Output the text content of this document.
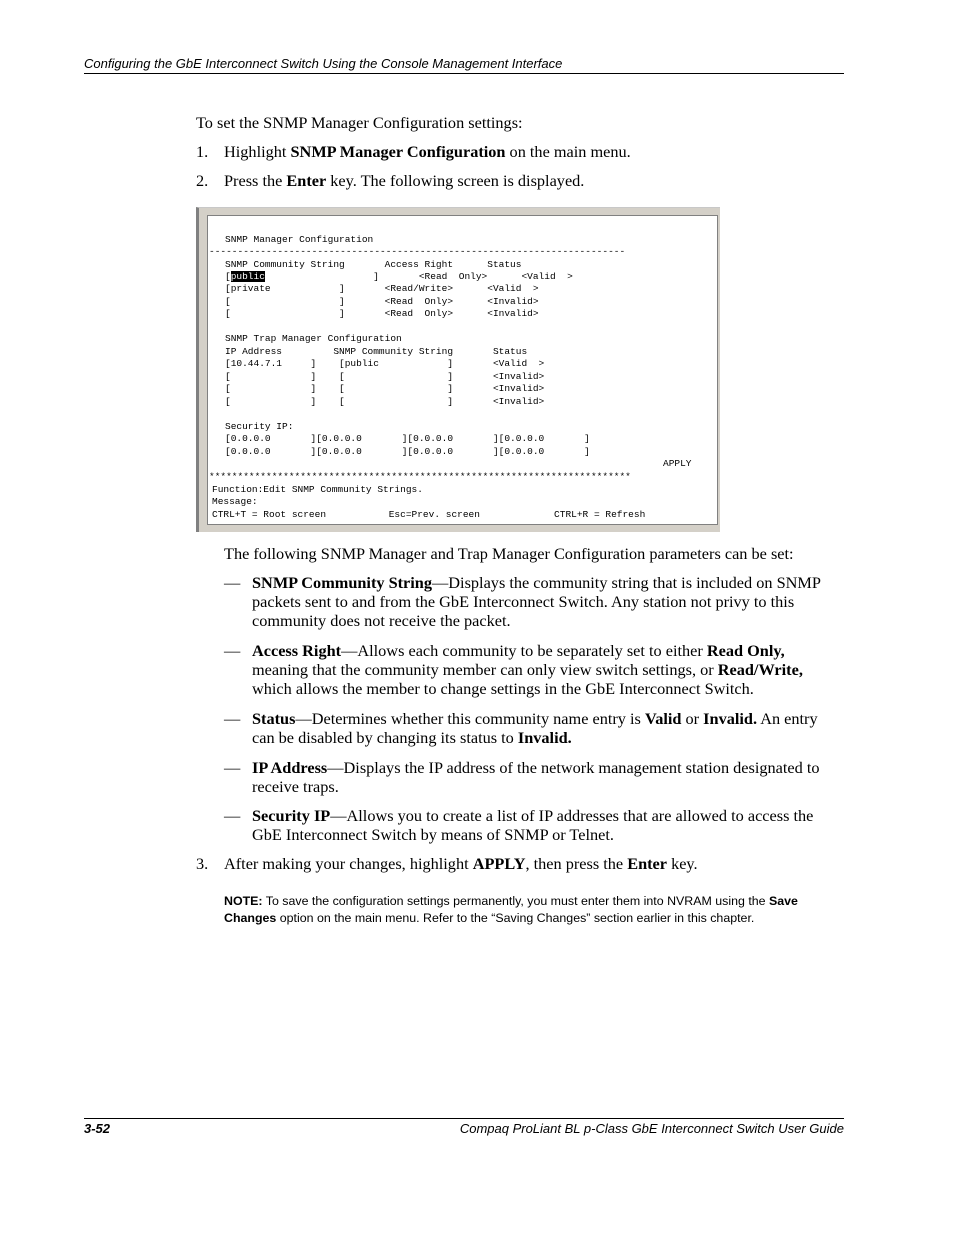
Configuring the GbE Interconnect Switch Using the Console Management Interface
To set the SNMP Manager Configuration settings:
1. Highlight SNMP Manager Configuration on the main menu.
2. Press the Enter key. The following screen is displayed.
SNMP Manager Configuration
-------------------------------------------------------------------------
SNMP Community String       Access Right      Status
[public                   ]       <Read  Only>      <Valid  >
[private            ]       <Read/Write>      <Valid  >
[                   ]       <Read  Only>      <Invalid>
[                   ]       <Read  Only>      <Invalid>
SNMP Trap Manager Configuration
IP Address         SNMP Community String       Status
[10.44.7.1     ]    [public            ]       <Valid  >
[              ]    [                  ]       <Invalid>
[              ]    [                  ]       <Invalid>
[              ]    [                  ]       <Invalid>
Security IP:
[0.0.0.0       ][0.0.0.0       ][0.0.0.0       ][0.0.0.0       ]
[0.0.0.0       ][0.0.0.0       ][0.0.0.0       ][0.0.0.0       ]
APPLY
**************************************************************************
Function:Edit SNMP Community Strings.
Message:
CTRL+T = Root screen           Esc=Prev. screen             CTRL+R = Refresh
The following SNMP Manager and Trap Manager Configuration parameters can be set:
— SNMP Community String—Displays the community string that is included on SNMP packets sent to and from the GbE Interconnect Switch. Any station not privy to this community does not receive the packet.
— Access Right—Allows each community to be separately set to either Read Only, meaning that the community member can only view switch settings, or Read/Write, which allows the member to change settings in the GbE Interconnect Switch.
— Status—Determines whether this community name entry is Valid or Invalid. An entry can be disabled by changing its status to Invalid.
— IP Address—Displays the IP address of the network management station designated to receive traps.
— Security IP—Allows you to create a list of IP addresses that are allowed to access the GbE Interconnect Switch by means of SNMP or Telnet.
3. After making your changes, highlight APPLY, then press the Enter key.
NOTE: To save the configuration settings permanently, you must enter them into NVRAM using the Save Changes option on the main menu. Refer to the “Saving Changes” section earlier in this chapter.
3-52	Compaq ProLiant BL p-Class GbE Interconnect Switch User Guide
